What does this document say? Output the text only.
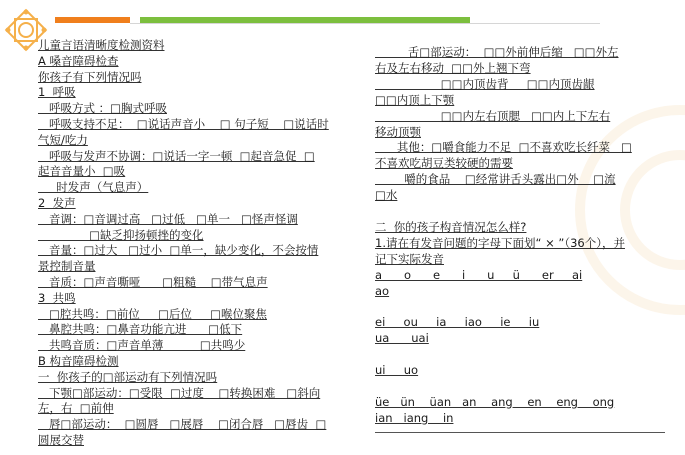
儿童言语清晰度检测资料
A 嗓音障碍检查
你孩子有下列情况吗
1  呼吸
呼吸方式 ：□胸式呼吸
呼吸支持不足：  □说话声音小    □ 句子短    □说话时
气短/吃力
呼吸与发声不协调：□说话一字一顿  □起音急促  □
起音音量小  □吸
时发声（气息声）
2  发声
音调：□音调过高   □过低   □单一   □怪声怪调
□缺乏抑扬顿挫的变化
音量：□过大   □过小  □单一，缺少变化，不会按情
景控制音量
音质：□声音嘶哑      □粗糙    □带气息声
3  共鸣
□腔共鸣：□前位     □后位     □喉位聚焦
鼻腔共鸣：□鼻音功能亢进      □低下
共鸣音质：□声音单薄          □共鸣少
B 构音障碍检测
一  你孩子的□部运动有下列情况吗
下颚□部运动：□受限  □过度    □转换困难   □斜向
左，右  □前伸
唇□部运动：  □圆唇   □展唇    □闭合唇   □唇齿  □
圆展交替
舌□部运动：  □□外前伸后缩   □□外左
右及左右移动  □□外上翘下弯
□□内顶齿背     □□内顶齿龈
□□内顶上下颚
□□内左右顶腮   □□内上下左右
移动顶颚
其他：□嚼食能力不足  □不喜欢吃长纤菜   □
不喜欢吃胡豆类较硬的需要
嚼的食品    □经常讲舌头露出□外    □流
□水
二  你的孩子构音情况怎么样?
1.请在有发音问题的字母下面划“ × ”（36个），并
记下实际发音
a      o      e      i      u     ü      er     ai
ao
ei     ou     ia     iao     ie     iu
ua      uai
ui     uo
üe   ün    üan   an    ang    en    eng    ong
ian   iang    in
